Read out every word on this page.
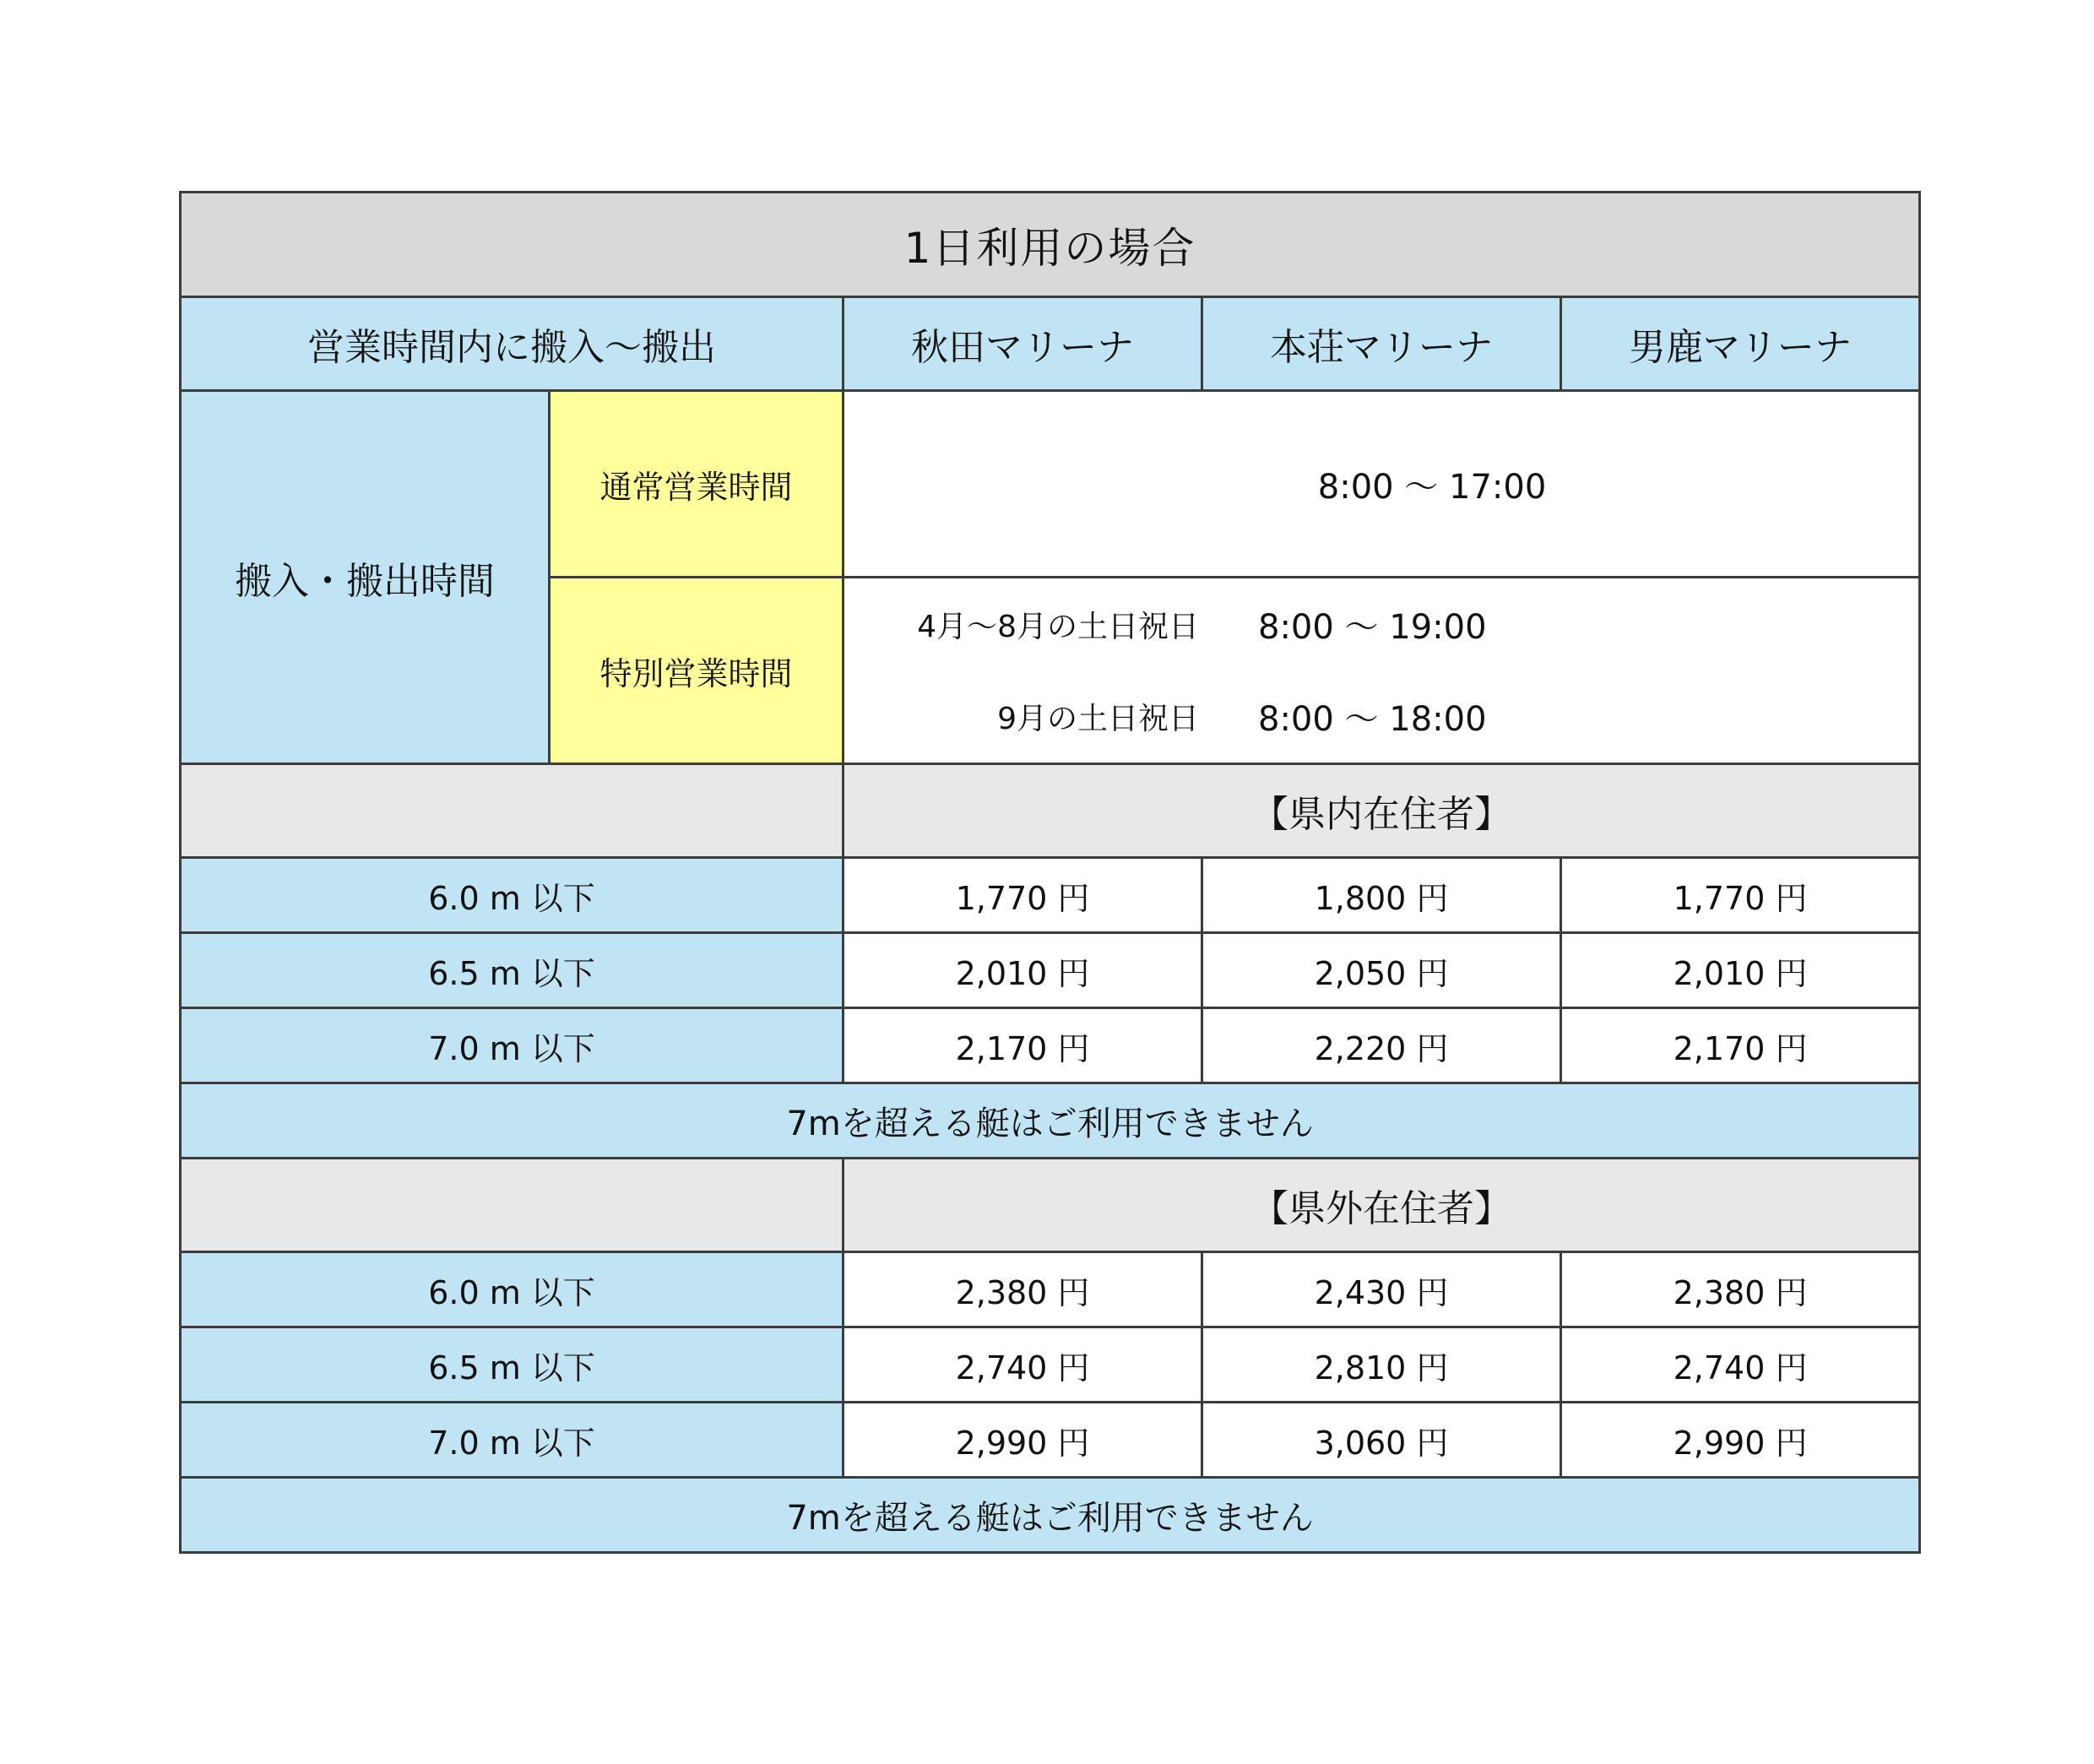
1日利用の場合				
営業時間内に搬入～搬出		秋田マリーナ	本荘マリーナ	男鹿マリーナ
搬入・搬出時間	通常営業時間	8:00 ～ 17:00		
	特別営業時間	4月～8月の土日祝日 8:00 ～ 19:00
9月の土日祝日 8:00 ～ 18:00		

		【県内在住者】		
6.0 m 以下		1,770 円	1,800 円	1,770 円
6.5 m 以下		2,010 円	2,050 円	2,010 円
7.0 m 以下		2,170 円	2,220 円	2,170 円
7mを超える艇はご利用できません				
		【県外在住者】		
6.0 m 以下		2,380 円	2,430 円	2,380 円
6.5 m 以下		2,740 円	2,810 円	2,740 円
7.0 m 以下		2,990 円	3,060 円	2,990 円
7mを超える艇はご利用できません				
